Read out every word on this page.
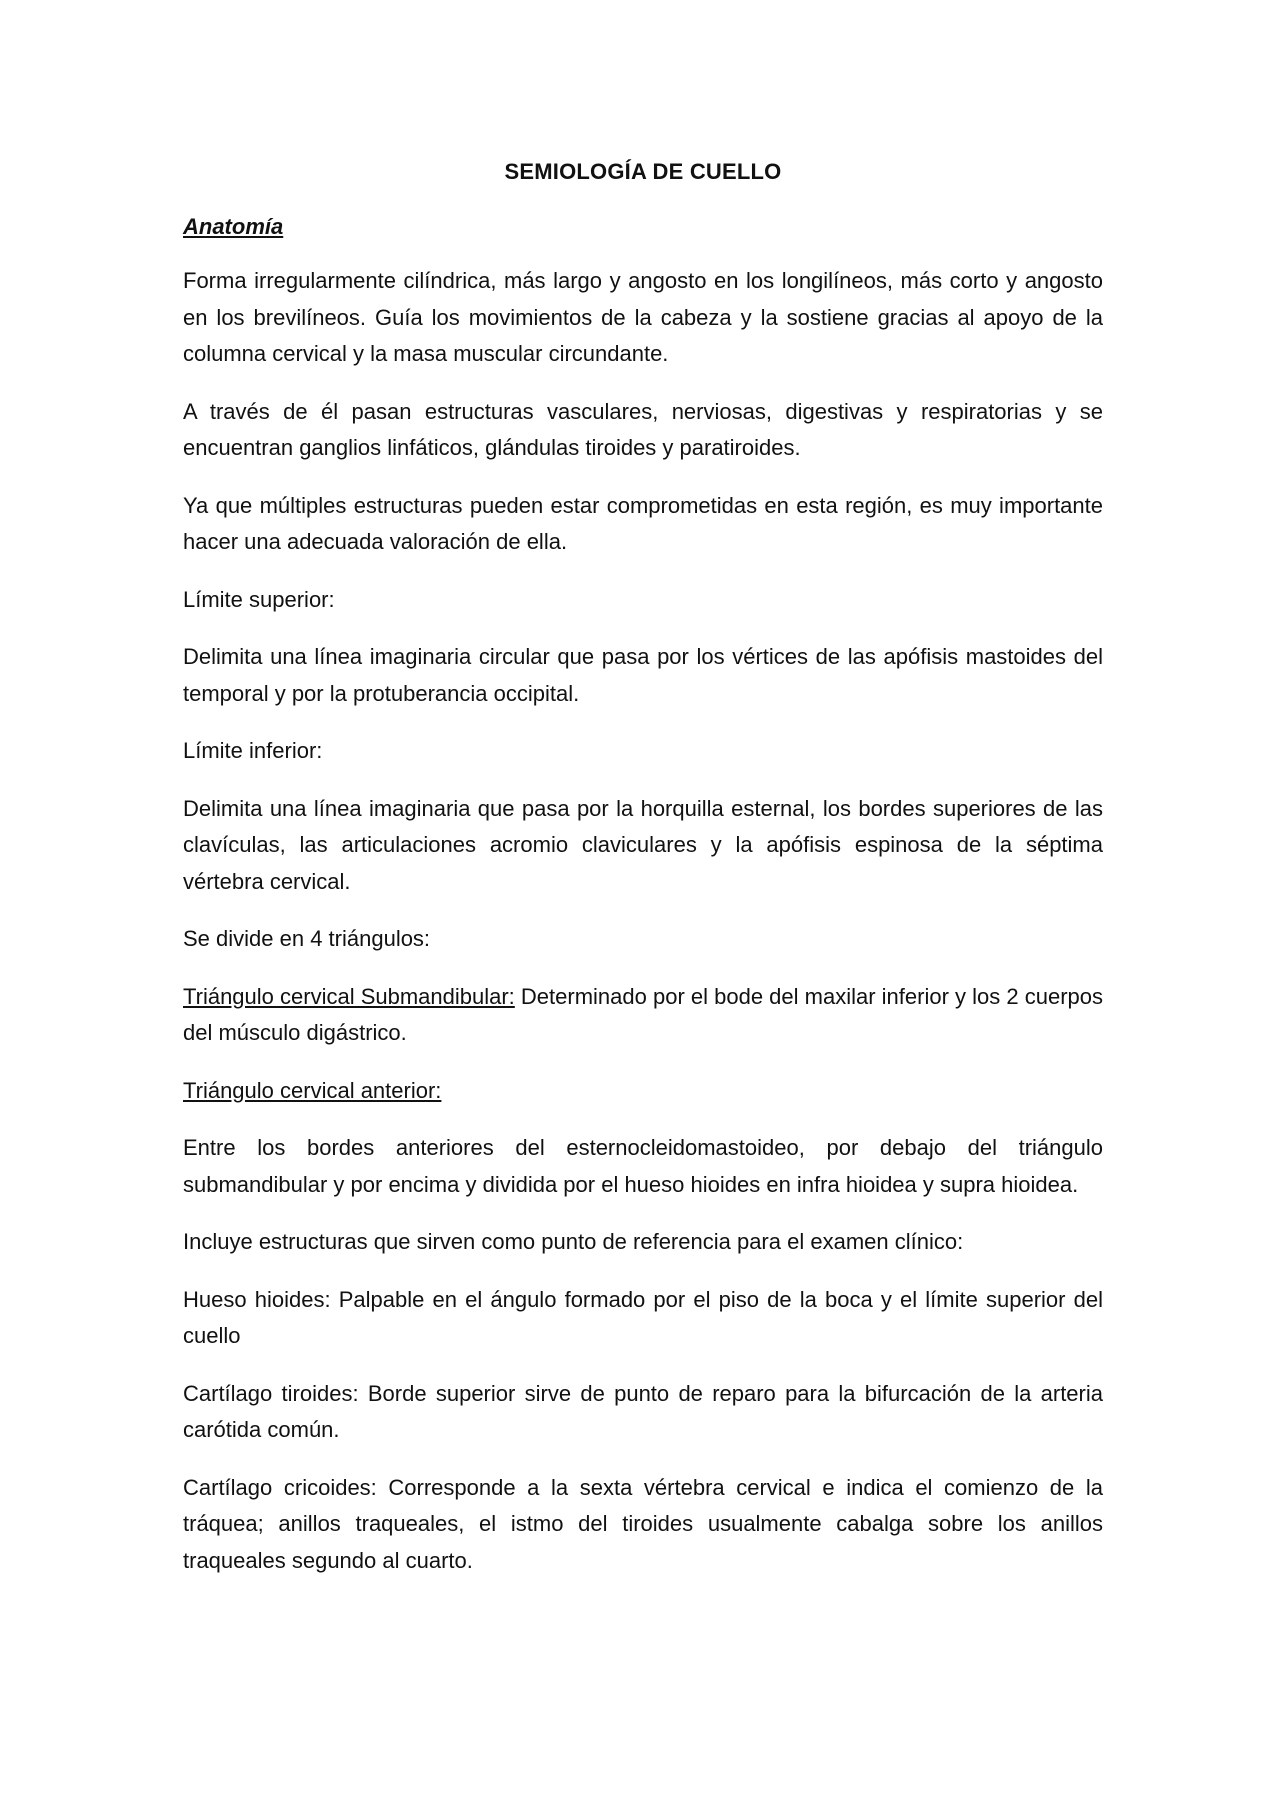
SEMIOLOGÍA DE CUELLO
Anatomía

Forma irregularmente cilíndrica, más largo y angosto en los longilíneos, más corto y angosto en los brevilíneos. Guía los movimientos de la cabeza y la sostiene gracias al apoyo de la columna cervical y la masa muscular circundante.

A través de él pasan estructuras vasculares, nerviosas, digestivas y respiratorias y se encuentran ganglios linfáticos, glándulas tiroides y paratiroides.

Ya que múltiples estructuras pueden estar comprometidas en esta región, es muy importante hacer una adecuada valoración de ella.

Límite superior:

Delimita una línea imaginaria circular que pasa por los vértices de las apófisis mastoides del temporal y por la protuberancia occipital.

Límite inferior:

Delimita una línea imaginaria que pasa por la horquilla esternal, los bordes superiores de las clavículas, las articulaciones acromio claviculares y la apófisis espinosa de la séptima vértebra cervical.

Se divide en 4 triángulos:

Triángulo cervical Submandibular: Determinado por el bode del maxilar inferior y los 2 cuerpos del músculo digástrico.

Triángulo cervical anterior:

Entre los bordes anteriores del esternocleidomastoideo, por debajo del triángulo submandibular y por encima y dividida por el hueso hioides en infra hioidea y supra hioidea.

Incluye estructuras que sirven como punto de referencia para el examen clínico:

Hueso hioides: Palpable en el ángulo formado por el piso de la boca y el límite superior del cuello

Cartílago tiroides: Borde superior sirve de punto de reparo para la bifurcación de la arteria carótida común.

Cartílago cricoides: Corresponde a la sexta vértebra cervical e indica el comienzo de la tráquea; anillos traqueales, el istmo del tiroides usualmente cabalga sobre los anillos traqueales segundo al cuarto.
